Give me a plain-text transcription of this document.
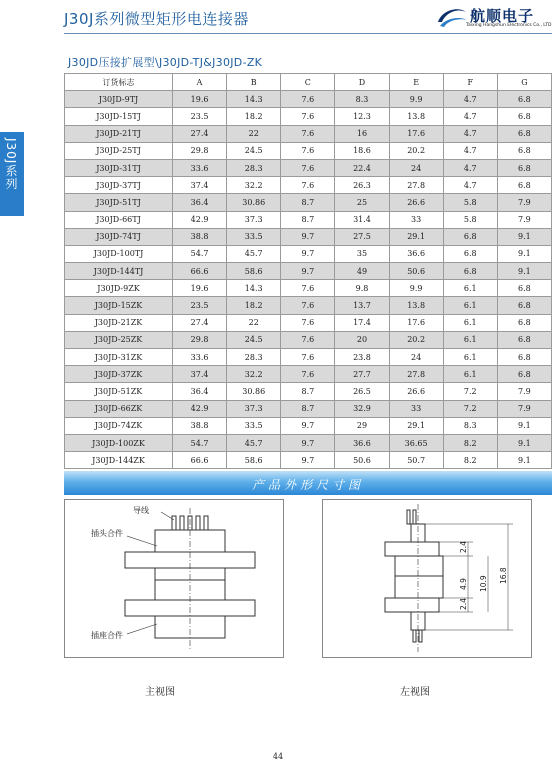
J30J系列微型矩形电连接器	航顺电子
Taixing Hangshun Electronics Co., LTD
J30J系列
J30JD压接扩展型\J30JD-TJ&J30JD-ZK
订货标志	A	B	C	D	E	F	G
J30JD-9TJ	19.6	14.3	7.6	8.3	9.9	4.7	6.8
J30JD-15TJ	23.5	18.2	7.6	12.3	13.8	4.7	6.8
J30JD-21TJ	27.4	22	7.6	16	17.6	4.7	6.8
J30JD-25TJ	29.8	24.5	7.6	18.6	20.2	4.7	6.8
J30JD-31TJ	33.6	28.3	7.6	22.4	24	4.7	6.8
J30JD-37TJ	37.4	32.2	7.6	26.3	27.8	4.7	6.8
J30JD-51TJ	36.4	30.86	8.7	25	26.6	5.8	7.9
J30JD-66TJ	42.9	37.3	8.7	31.4	33	5.8	7.9
J30JD-74TJ	38.8	33.5	9.7	27.5	29.1	6.8	9.1
J30JD-100TJ	54.7	45.7	9.7	35	36.6	6.8	9.1
J30JD-144TJ	66.6	58.6	9.7	49	50.6	6.8	9.1
J30JD-9ZK	19.6	14.3	7.6	9.8	9.9	6.1	6.8
J30JD-15ZK	23.5	18.2	7.6	13.7	13.8	6.1	6.8
J30JD-21ZK	27.4	22	7.6	17.4	17.6	6.1	6.8
J30JD-25ZK	29.8	24.5	7.6	20	20.2	6.1	6.8
J30JD-31ZK	33.6	28.3	7.6	23.8	24	6.1	6.8
J30JD-37ZK	37.4	32.2	7.6	27.7	27.8	6.1	6.8
J30JD-51ZK	36.4	30.86	8.7	26.5	26.6	7.2	7.9
J30JD-66ZK	42.9	37.3	8.7	32.9	33	7.2	7.9
J30JD-74ZK	38.8	33.5	9.7	29	29.1	8.3	9.1
J30JD-100ZK	54.7	45.7	9.7	36.6	36.65	8.2	9.1
J30JD-144ZK	66.6	58.6	9.7	50.6	50.7	8.2	9.1
产品外形尺寸图
导线
插头合件
插座合件
主视图
2.4
4.9
2.4
10.9 16.8
左视图
44
